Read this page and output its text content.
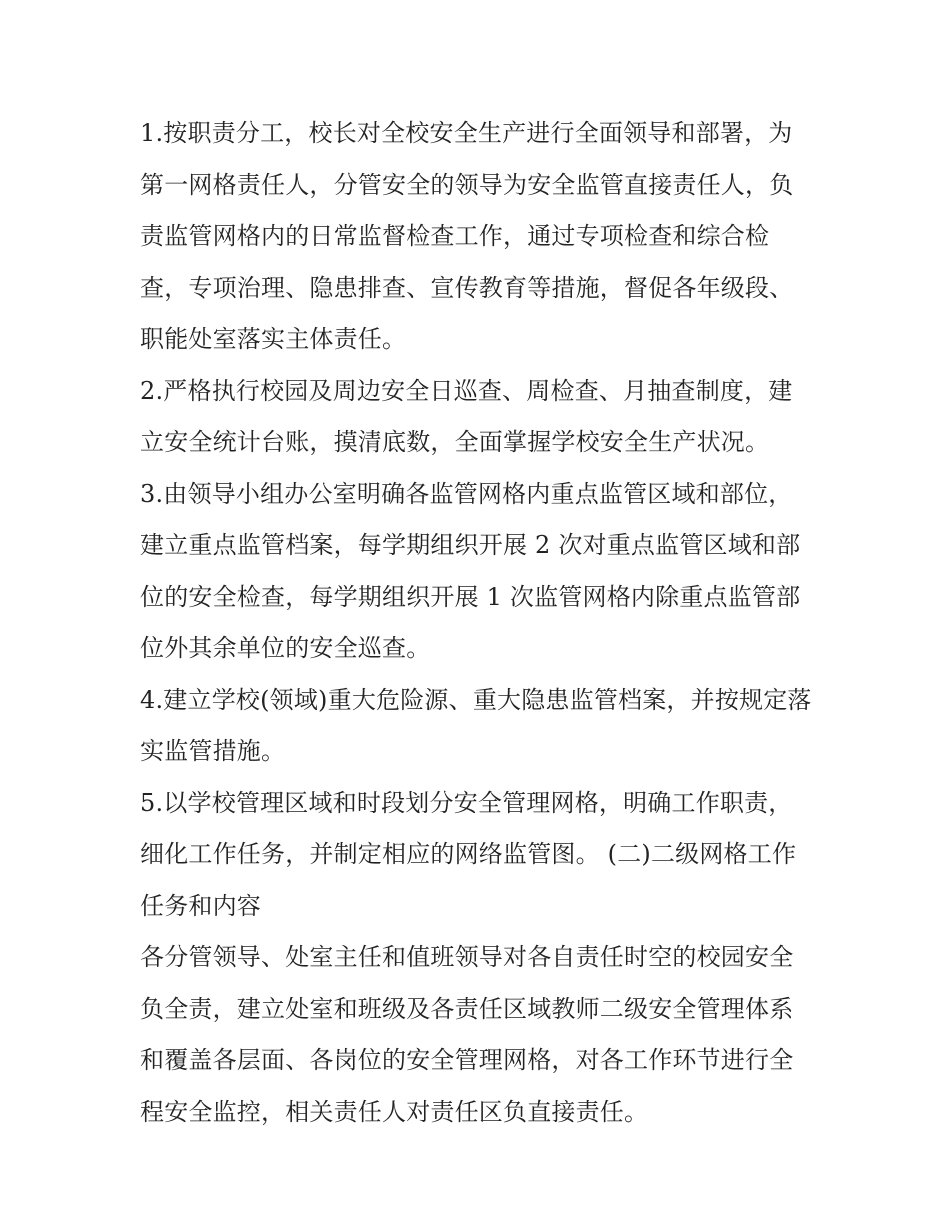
1.按职责分工，校长对全校安全生产进行全面领导和部署，为第一网格责任人，分管安全的领导为安全监管直接责任人，负责监管网格内的日常监督检查工作，通过专项检查和综合检查，专项治理、隐患排查、宣传教育等措施，督促各年级段、职能处室落实主体责任。

2.严格执行校园及周边安全日巡查、周检查、月抽查制度，建立安全统计台账，摸清底数，全面掌握学校安全生产状况。

3.由领导小组办公室明确各监管网格内重点监管区域和部位，建立重点监管档案，每学期组织开展 2 次对重点监管区域和部位的安全检查，每学期组织开展 1 次监管网格内除重点监管部位外其余单位的安全巡查。

4.建立学校(领域)重大危险源、重大隐患监管档案，并按规定落实监管措施。

5.以学校管理区域和时段划分安全管理网格，明确工作职责，细化工作任务，并制定相应的网络监管图。 (二)二级网格工作任务和内容

各分管领导、处室主任和值班领导对各自责任时空的校园安全负全责，建立处室和班级及各责任区域教师二级安全管理体系和覆盖各层面、各岗位的安全管理网格，对各工作环节进行全程安全监控，相关责任人对责任区负直接责任。
